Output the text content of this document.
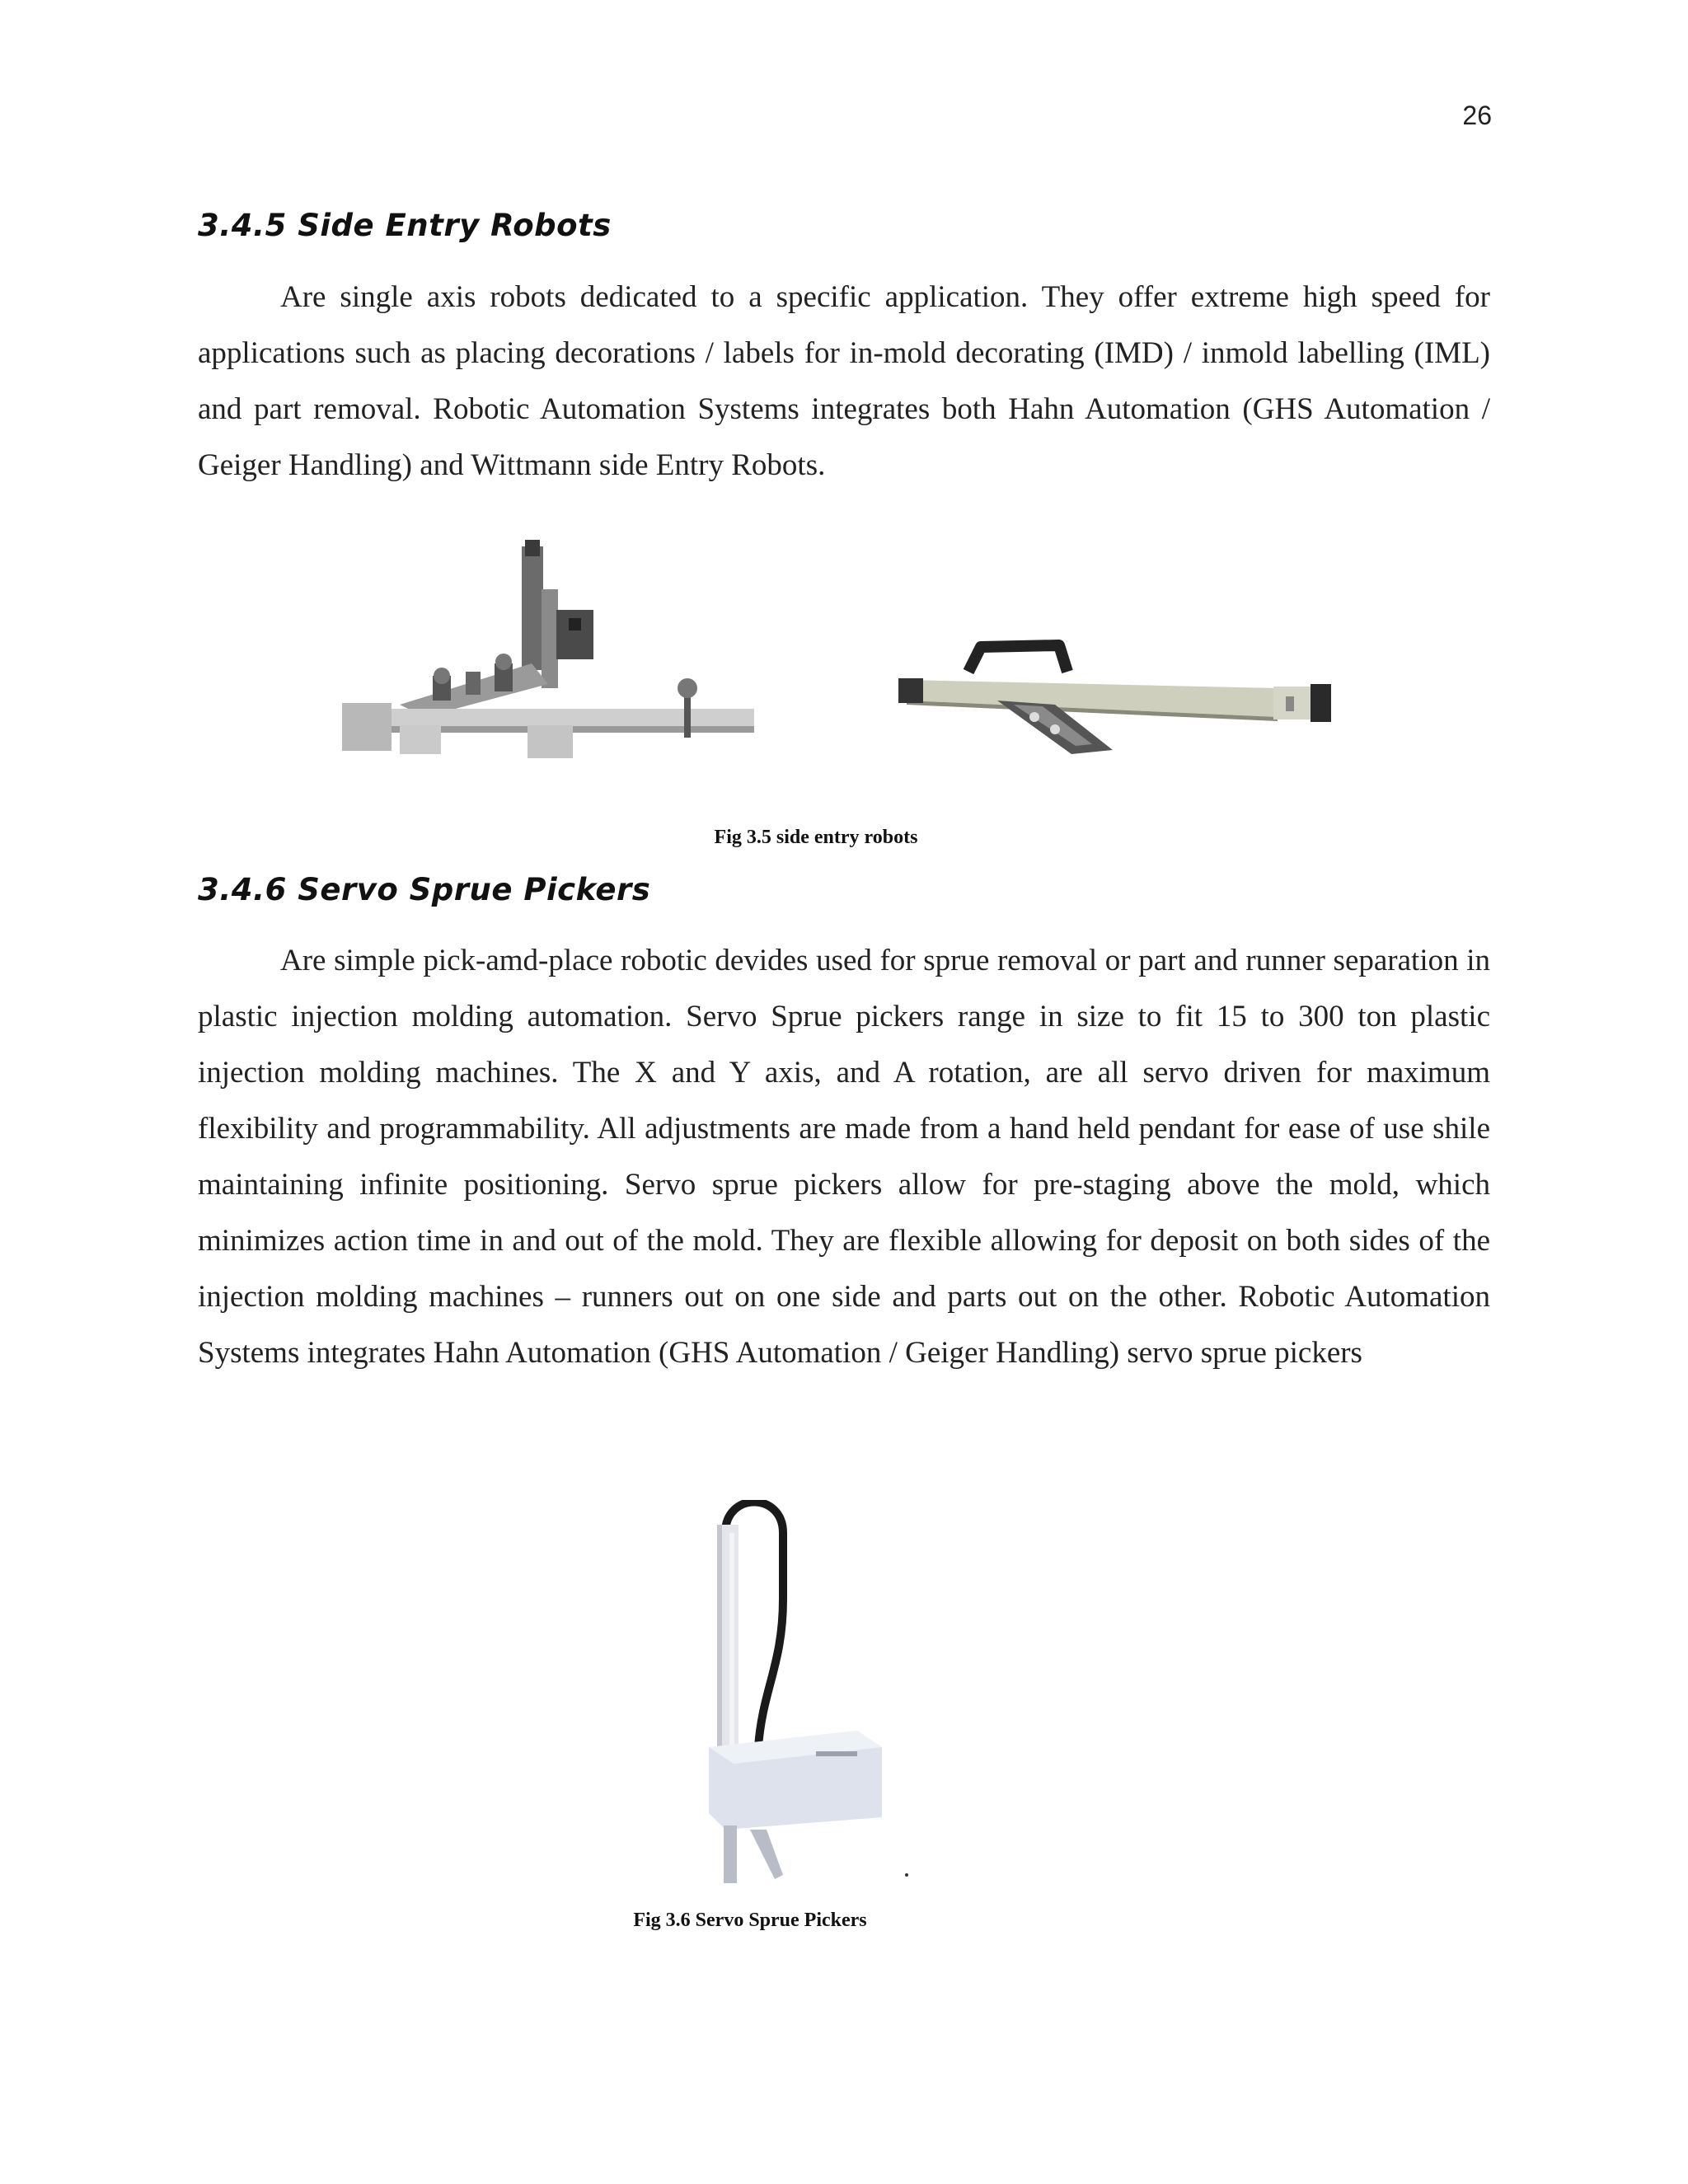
26
3.4.5 Side Entry Robots
Are single axis robots dedicated to a specific application. They offer extreme high speed for applications such as placing decorations / labels for in-mold decorating (IMD) / inmold labelling (IML) and part removal. Robotic Automation Systems integrates both Hahn Automation (GHS Automation / Geiger Handling) and Wittmann side Entry Robots.
Fig 3.5 side entry robots
3.4.6 Servo Sprue Pickers
Are simple pick-amd-place robotic devides used for sprue removal or part and runner separation in plastic injection molding automation. Servo Sprue pickers range in size to fit 15 to 300 ton plastic injection molding machines. The X and Y axis, and A rotation, are all servo driven for maximum flexibility and programmability. All adjustments are made from a hand held pendant for ease of use shile maintaining infinite positioning. Servo sprue pickers allow for pre-staging above the mold, which minimizes action time in and out of the mold. They are flexible allowing for deposit on both sides of the injection molding machines – runners out on one side and parts out on the other. Robotic Automation Systems integrates Hahn Automation (GHS Automation / Geiger Handling) servo sprue pickers
Fig 3.6 Servo Sprue Pickers
